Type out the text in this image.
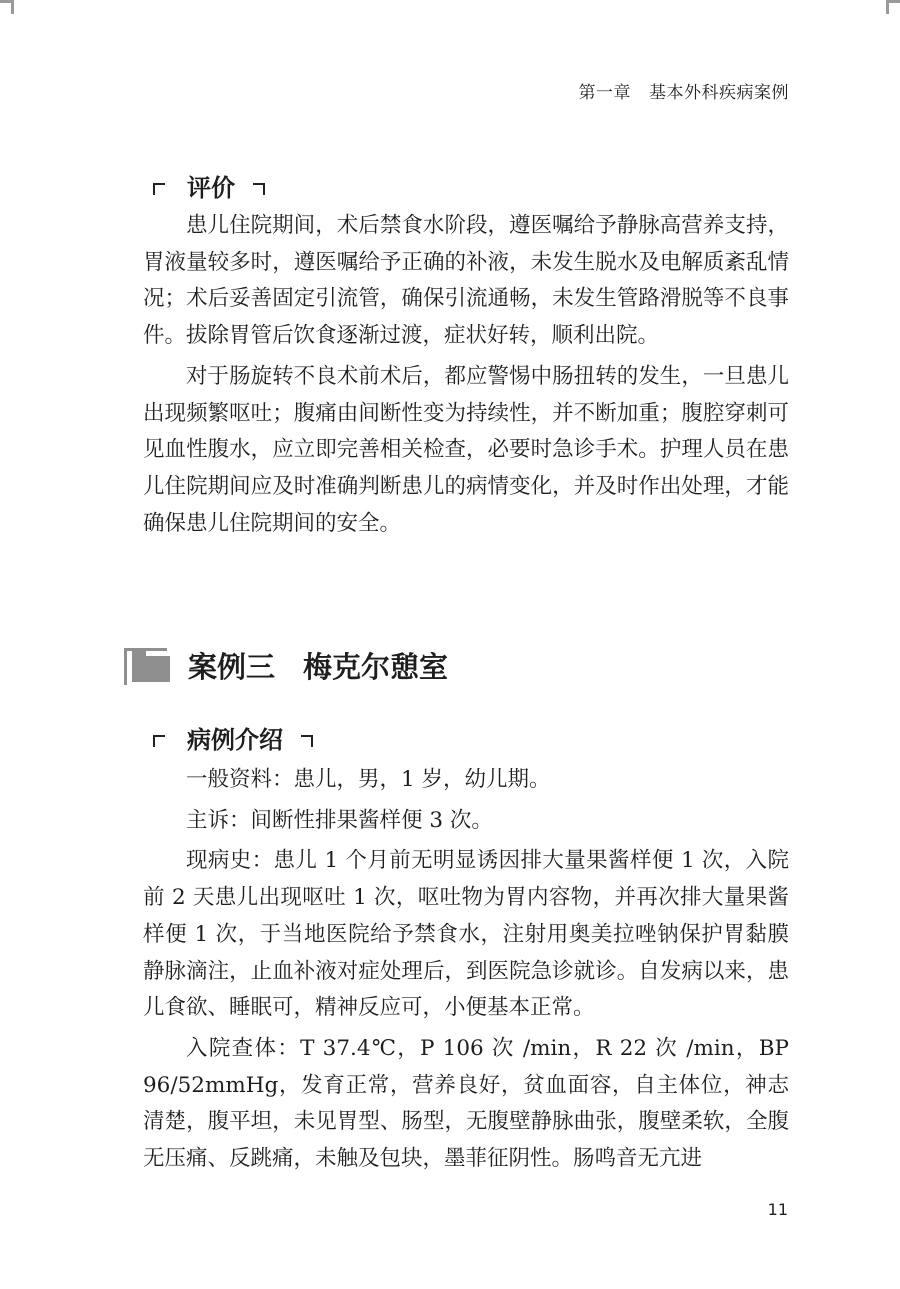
第一章 基本外科疾病案例
评价

患儿住院期间，术后禁食水阶段，遵医嘱给予静脉高营养支持，胃液量较多时，遵医嘱给予正确的补液，未发生脱水及电解质紊乱情况；术后妥善固定引流管，确保引流通畅，未发生管路滑脱等不良事件。拔除胃管后饮食逐渐过渡，症状好转，顺利出院。

对于肠旋转不良术前术后，都应警惕中肠扭转的发生，一旦患儿出现频繁呕吐；腹痛由间断性变为持续性，并不断加重；腹腔穿刺可见血性腹水，应立即完善相关检查，必要时急诊手术。护理人员在患儿住院期间应及时准确判断患儿的病情变化，并及时作出处理，才能确保患儿住院期间的安全。

案例三 梅克尔憩室
病例介绍

一般资料：患儿，男，1 岁，幼儿期。

主诉：间断性排果酱样便 3 次。

现病史：患儿 1 个月前无明显诱因排大量果酱样便 1 次，入院前 2 天患儿出现呕吐 1 次，呕吐物为胃内容物，并再次排大量果酱样便 1 次，于当地医院给予禁食水，注射用奥美拉唑钠保护胃黏膜静脉滴注，止血补液对症处理后，到医院急诊就诊。自发病以来，患儿食欲、睡眠可，精神反应可，小便基本正常。

入院查体：T 37.4℃，P 106 次 /min，R 22 次 /min，BP 96/52mmHg，发育正常，营养良好，贫血面容，自主体位，神志清楚，腹平坦，未见胃型、肠型，无腹壁静脉曲张，腹壁柔软，全腹无压痛、反跳痛，未触及包块，墨菲征阴性。肠鸣音无亢进

11
